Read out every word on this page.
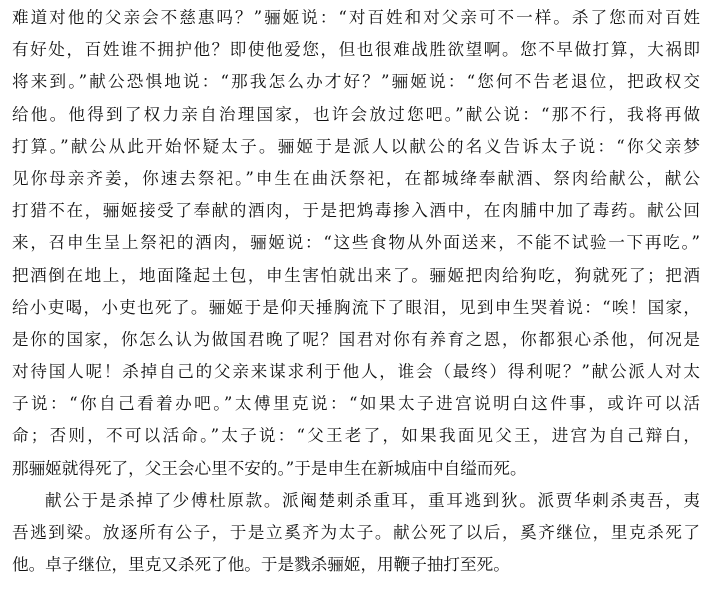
难道对他的父亲会不慈惠吗？”骊姬说：“对百姓和对父亲可不一样。杀了您而对百姓
有好处，百姓谁不拥护他？即使他爱您，但也很难战胜欲望啊。您不早做打算，大祸即
将来到。”献公恐惧地说：“那我怎么办才好？”骊姬说：“您何不告老退位，把政权交
给他。他得到了权力亲自治理国家，也许会放过您吧。”献公说：“那不行，我将再做
打算。”献公从此开始怀疑太子。骊姬于是派人以献公的名义告诉太子说：“你父亲梦
见你母亲齐姜，你速去祭祀。”申生在曲沃祭祀，在都城绛奉献酒、祭肉给献公，献公
打猎不在，骊姬接受了奉献的酒肉，于是把鸩毒掺入酒中，在肉脯中加了毒药。献公回
来，召申生呈上祭祀的酒肉，骊姬说：“这些食物从外面送来，不能不试验一下再吃。”
把酒倒在地上，地面隆起土包，申生害怕就出来了。骊姬把肉给狗吃，狗就死了；把酒
给小吏喝，小吏也死了。骊姬于是仰天捶胸流下了眼泪，见到申生哭着说：“唉！国家，
是你的国家，你怎么认为做国君晚了呢？国君对你有养育之恩，你都狠心杀他，何况是
对待国人呢！杀掉自己的父亲来谋求利于他人，谁会（最终）得利呢？”献公派人对太
子说：“你自己看着办吧。”太傅里克说：“如果太子进宫说明白这件事，或许可以活
命；否则，不可以活命。”太子说：“父王老了，如果我面见父王，进宫为自己辩白，
那骊姬就得死了，父王会心里不安的。”于是申生在新城庙中自缢而死。
献公于是杀掉了少傅杜原款。派阉楚刺杀重耳，重耳逃到狄。派贾华刺杀夷吾，夷
吾逃到梁。放逐所有公子，于是立奚齐为太子。献公死了以后，奚齐继位，里克杀死了
他。卓子继位，里克又杀死了他。于是戮杀骊姬，用鞭子抽打至死。
